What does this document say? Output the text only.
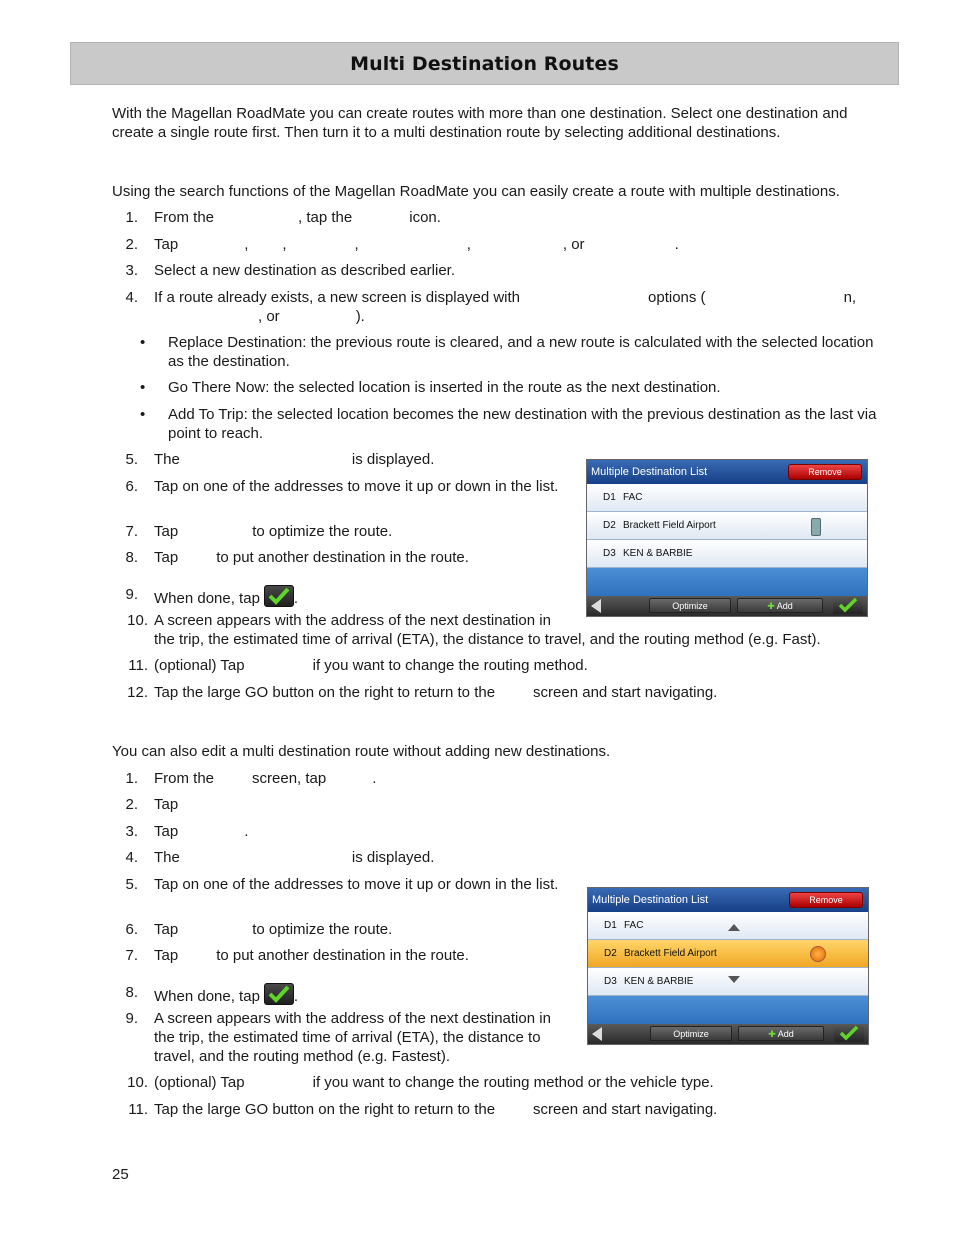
Multi Destination Routes
With the Magellan RoadMate you can create routes with more than one destination. Select one destination and create a single route first. Then turn it to a multi destination route by selecting additional destinations.
Using the search functions of the Magellan RoadMate you can easily create a route with multiple destinations.
1. From the	, tap the	icon.
2. Tap	, ,	,	,	, or	.
3. Select a new destination as described earlier.
4. If a route already exists, a new screen is displayed with	options (	n,
, or	).
• Replace Destination: the previous route is cleared, and a new route is calculated with the selected location as the destination.
• Go There Now: the selected location is inserted in the route as the next destination.
• Add To Trip: the selected location becomes the new destination with the previous destination as the last via point to reach.
5. The	is displayed.
6. Tap on one of the addresses to move it up or down in the list.
7. Tap	to optimize the route.
8. Tap	to put another destination in the route.
9. When done, tap .
10. A screen appears with the address of the next destination in
the trip, the estimated time of arrival (ETA), the distance to travel, and the routing method (e.g. Fast).
11. (optional) Tap	if you want to change the routing method.
12. Tap the large GO button on the right to return to the	screen and start navigating.
Multiple Destination List	Remove
D1 FAC
D2 Brackett Field Airport
D3 KEN & BARBIE
Optimize	✚ Add
You can also edit a multi destination route without adding new destinations.
1. From the	screen, tap	.
2. Tap
3. Tap	.
4. The	is displayed.
5. Tap on one of the addresses to move it up or down in the list.
6. Tap	to optimize the route.
7. Tap	to put another destination in the route.
8. When done, tap .
9. A screen appears with the address of the next destination in the trip, the estimated time of arrival (ETA), the distance to travel, and the routing method (e.g. Fastest).
10. (optional) Tap	if you want to change the routing method or the vehicle type.
11. Tap the large GO button on the right to return to the	screen and start navigating.
Multiple Destination List	Remove
D1 FAC
D2 Brackett Field Airport
D3 KEN & BARBIE
Optimize	✚ Add
25
